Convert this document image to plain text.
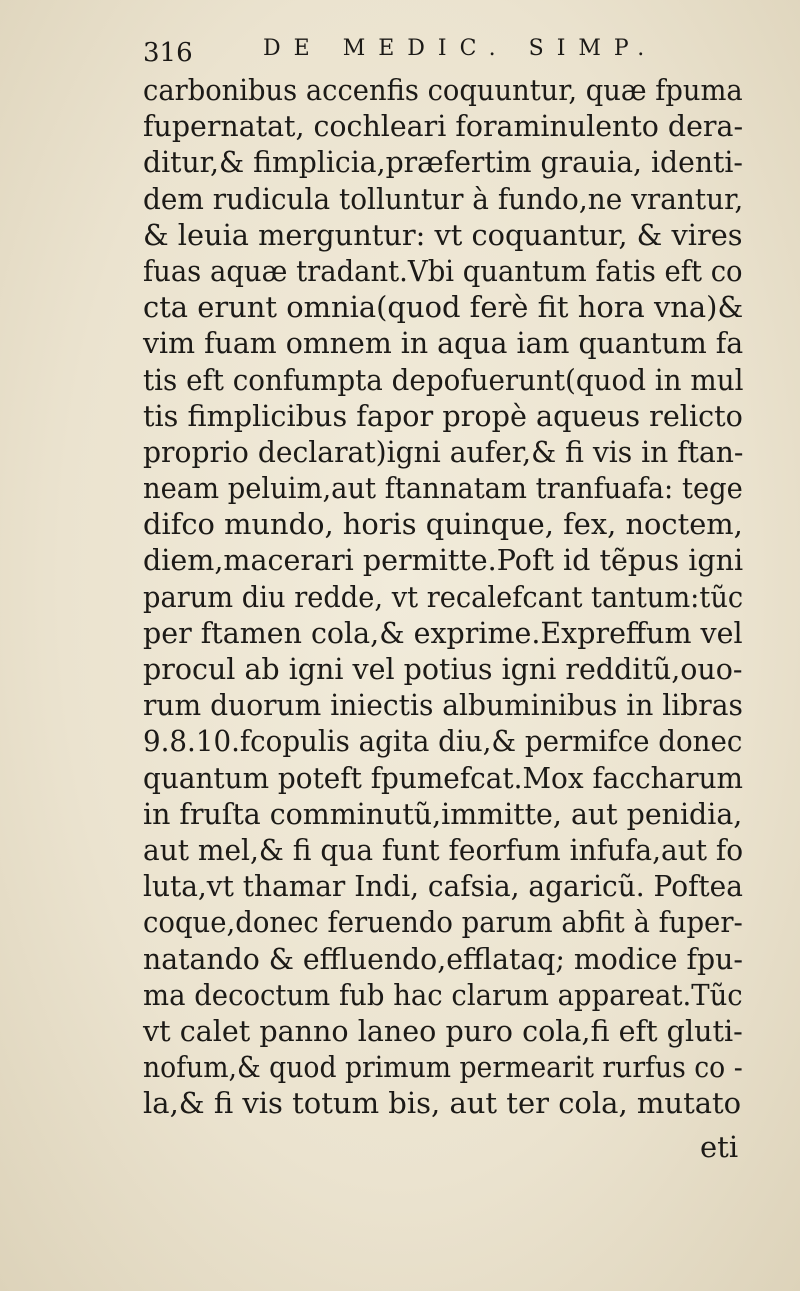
316	DE MEDIC. SIMP.
carbonibus accenfis coquuntur, quæ fpuma
fupernatat, cochleari foraminulento dera-
ditur,& fimplicia,præfertim grauia, identi-
dem rudicula tolluntur à fundo,ne vrantur,
& leuia merguntur: vt coquantur, & vires
fuas aquæ tradant.Vbi quantum fatis eft co
cta erunt omnia(quod ferè fit hora vna)&
vim fuam omnem in aqua iam quantum fa
tis eft confumpta depofuerunt(quod in mul
tis fimplicibus fapor propè aqueus relicto
proprio declarat)igni aufer,& fi vis in ftan-
neam peluim,aut ftannatam tranfuafa: tege
difco mundo, horis quinque, fex, noctem,
diem,macerari permitte.Poft id tẽpus igni
parum diu redde, vt recalefcant tantum:tũc
per ftamen cola,& exprime.Expreffum vel
procul ab igni vel potius igni redditũ,ouo-
rum duorum iniectis albuminibus in libras
9.8.10.fcopulis agita diu,& permifce donec
quantum poteft fpumefcat.Mox faccharum
in fruſta comminutũ,immitte, aut penidia,
aut mel,& fi qua funt feorfum infufa,aut fo
luta,vt thamar Indi, cafsia, agaricũ. Poftea
coque,donec feruendo parum abfit à fuper-
natando & effluendo,efflataq; modice fpu-
ma decoctum fub hac clarum appareat.Tũc
vt calet panno laneo puro cola,fi eft gluti-
nofum,& quod primum permearit rurfus co -
la,& fi vis totum bis, aut ter cola, mutato
eti
